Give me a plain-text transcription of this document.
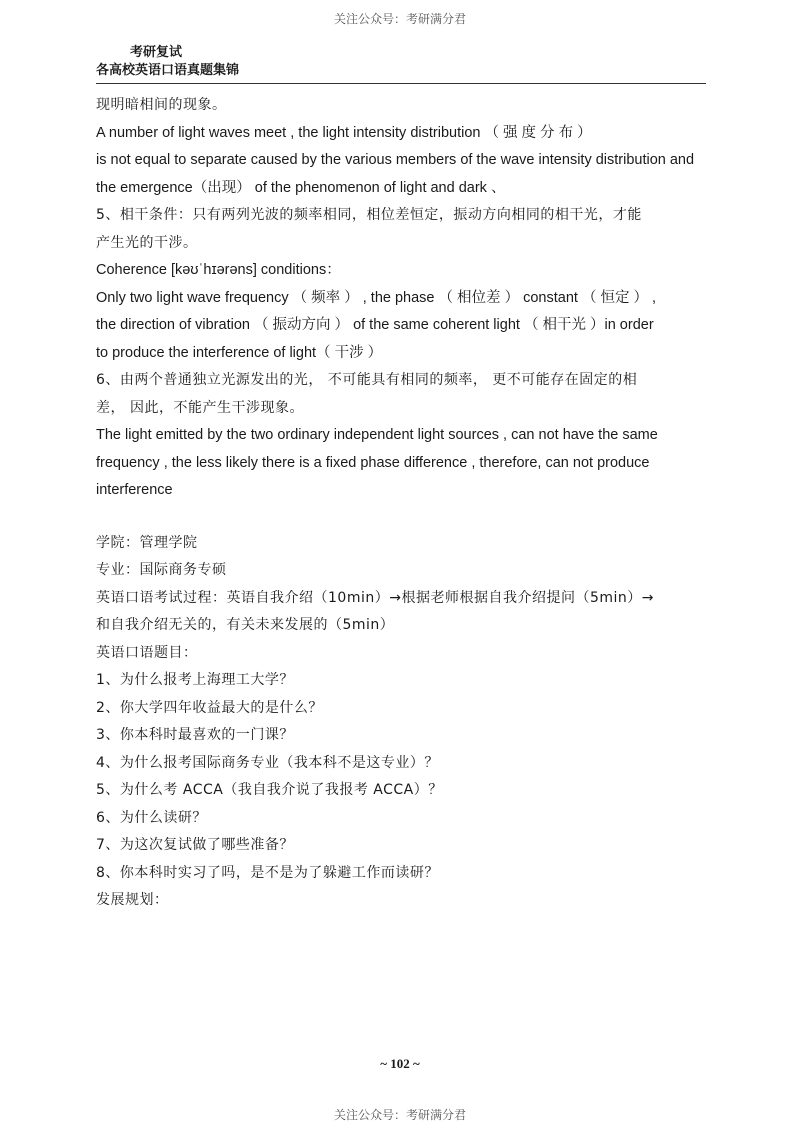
关注公众号：考研满分君
考研复试
各高校英语口语真题集锦
现明暗相间的现象。
A number of light waves meet , the light intensity distribution （ 强 度 分 布 ）
is not equal to separate caused by the various members of the wave intensity distribution and
the emergence（出现） of the phenomenon of light and dark 、
5、相干条件：只有两列光波的频率相同，相位差恒定，振动方向相同的相干光，才能
产生光的干涉。
Coherence [kəʊˈhɪərəns] conditions：
Only two light wave frequency （ 频率 ） , the phase （ 相位差 ） constant （ 恒定 ） ,
the direction of vibration （ 振动方向 ） of the same coherent light （ 相干光 ）in order
to produce the interference of light（ 干涉 ）
6、由两个普通独立光源发出的光， 不可能具有相同的频率， 更不可能存在固定的相
差， 因此，不能产生干涉现象。
The light emitted by the two ordinary independent light sources , can not have the same
frequency , the less likely there is a fixed phase difference , therefore, can not produce
interference
学院：管理学院
专业：国际商务专硕
英语口语考试过程：英语自我介绍（10min）→根据老师根据自我介绍提问（5min）→
和自我介绍无关的，有关未来发展的（5min）
英语口语题目：
1、为什么报考上海理工大学？
2、你大学四年收益最大的是什么？
3、你本科时最喜欢的一门课？
4、为什么报考国际商务专业（我本科不是这专业）？
5、为什么考 ACCA（我自我介说了我报考 ACCA）？
6、为什么读研？
7、为这次复试做了哪些准备？
8、你本科时实习了吗，是不是为了躲避工作而读研？
发展规划：
~ 102 ~
关注公众号：考研满分君
